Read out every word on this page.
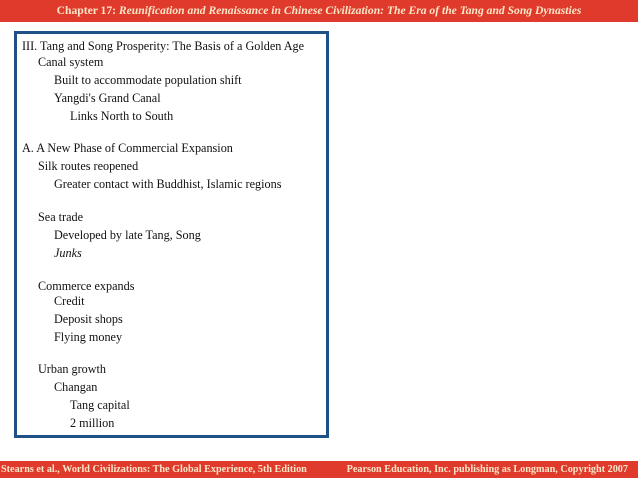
Chapter 17: Reunification and Renaissance in Chinese Civilization: The Era of the Tang and Song Dynasties
III. Tang and Song Prosperity: The Basis of a Golden Age
Canal system
Built to accommodate population shift
Yangdi's Grand Canal
Links North to South
A. A New Phase of Commercial Expansion
Silk routes reopened
Greater contact with Buddhist, Islamic regions
Sea trade
Developed by late Tang, Song
Junks
Commerce expands
Credit
Deposit shops
Flying money
Urban growth
Changan
Tang capital
2 million
Stearns et al., World Civilizations: The Global Experience, 5th Edition	Pearson Education, Inc. publishing as Longman, Copyright 2007
